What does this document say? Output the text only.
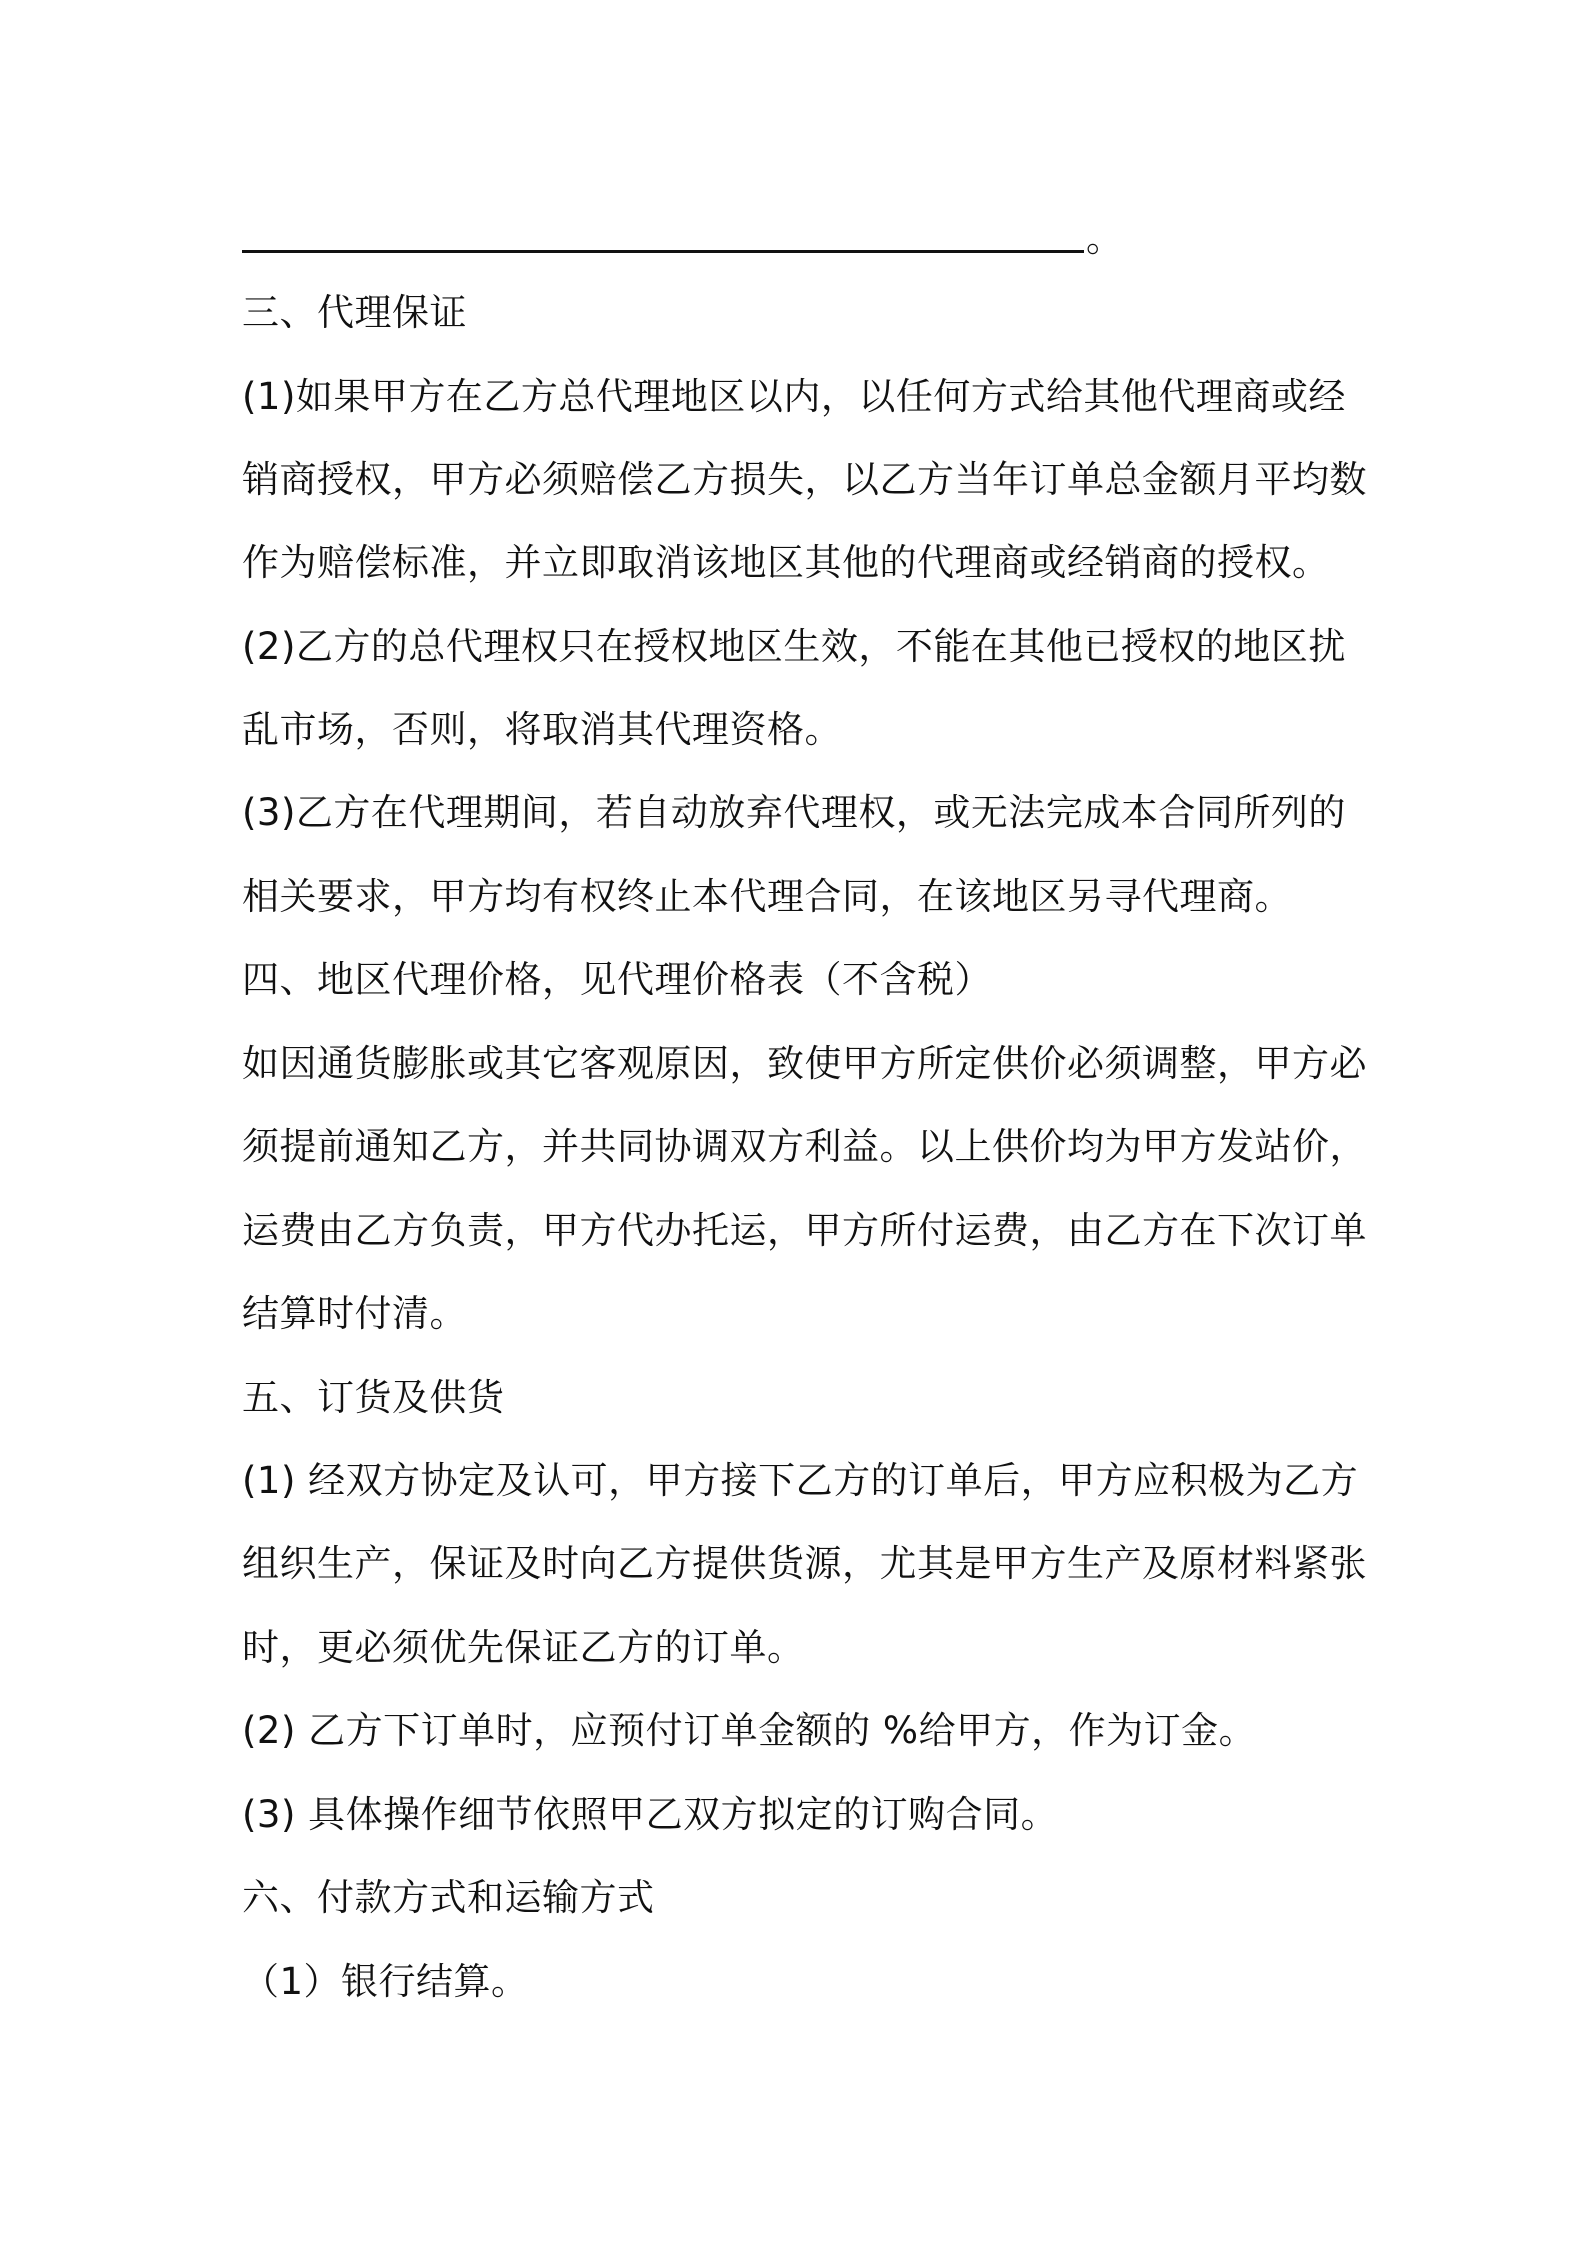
。
三、代理保证
(1)如果甲方在乙方总代理地区以内，以任何方式给其他代理商或经
销商授权，甲方必须赔偿乙方损失，以乙方当年订单总金额月平均数
作为赔偿标准，并立即取消该地区其他的代理商或经销商的授权。
(2)乙方的总代理权只在授权地区生效，不能在其他已授权的地区扰
乱市场，否则，将取消其代理资格。
(3)乙方在代理期间，若自动放弃代理权，或无法完成本合同所列的
相关要求，甲方均有权终止本代理合同，在该地区另寻代理商。
四、地区代理价格，见代理价格表（不含税）
如因通货膨胀或其它客观原因，致使甲方所定供价必须调整，甲方必
须提前通知乙方，并共同协调双方利益。以上供价均为甲方发站价，
运费由乙方负责，甲方代办托运，甲方所付运费，由乙方在下次订单
结算时付清。
五、订货及供货
(1) 经双方协定及认可，甲方接下乙方的订单后，甲方应积极为乙方
组织生产，保证及时向乙方提供货源，尤其是甲方生产及原材料紧张
时，更必须优先保证乙方的订单。
(2) 乙方下订单时，应预付订单金额的 %给甲方，作为订金。
(3) 具体操作细节依照甲乙双方拟定的订购合同。
六、付款方式和运输方式
（1）银行结算。
